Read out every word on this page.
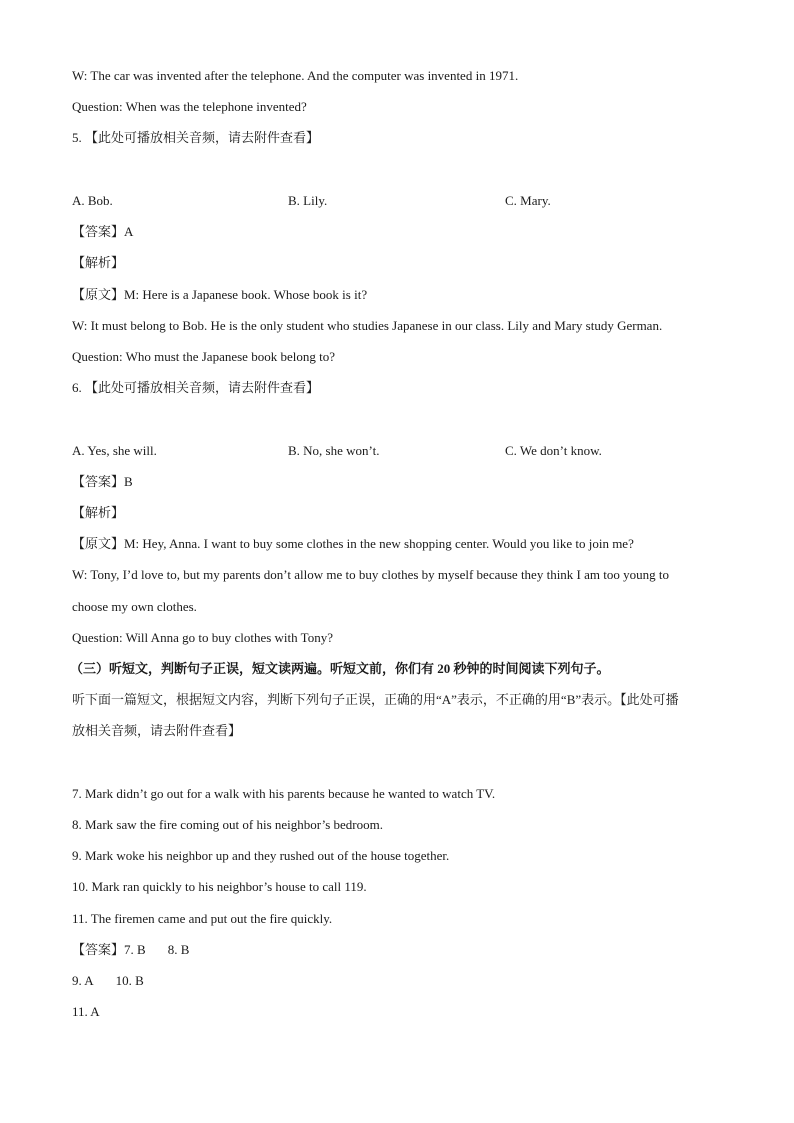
W: The car was invented after the telephone. And the computer was invented in 1971.
Question: When was the telephone invented?
5. 【此处可播放相关音频，请去附件查看】
A. Bob.	B. Lily.	C. Mary.
【答案】A
【解析】
【原文】M: Here is a Japanese book. Whose book is it?
W: It must belong to Bob. He is the only student who studies Japanese in our class. Lily and Mary study German.
Question: Who must the Japanese book belong to?
6. 【此处可播放相关音频，请去附件查看】
A. Yes, she will.	B. No, she won’t.	C. We don’t know.
【答案】B
【解析】
【原文】M: Hey, Anna. I want to buy some clothes in the new shopping center. Would you like to join me?
W: Tony, I’d love to, but my parents don’t allow me to buy clothes by myself because they think I am too young to
choose my own clothes.
Question: Will Anna go to buy clothes with Tony?
（三）听短文，判断句子正误，短文读两遍。听短文前，你们有 20 秒钟的时间阅读下列句子。
听下面一篇短文，根据短文内容，判断下列句子正误，正确的用“A”表示，不正确的用“B”表示。【此处可播
放相关音频，请去附件查看】
7. Mark didn’t go out for a walk with his parents because he wanted to watch TV.
8. Mark saw the fire coming out of his neighbor’s bedroom.
9. Mark woke his neighbor up and they rushed out of the house together.
10. Mark ran quickly to his neighbor’s house to call 119.
11. The firemen came and put out the fire quickly.
【答案】7. B 8. B
9. A 10. B
11. A
